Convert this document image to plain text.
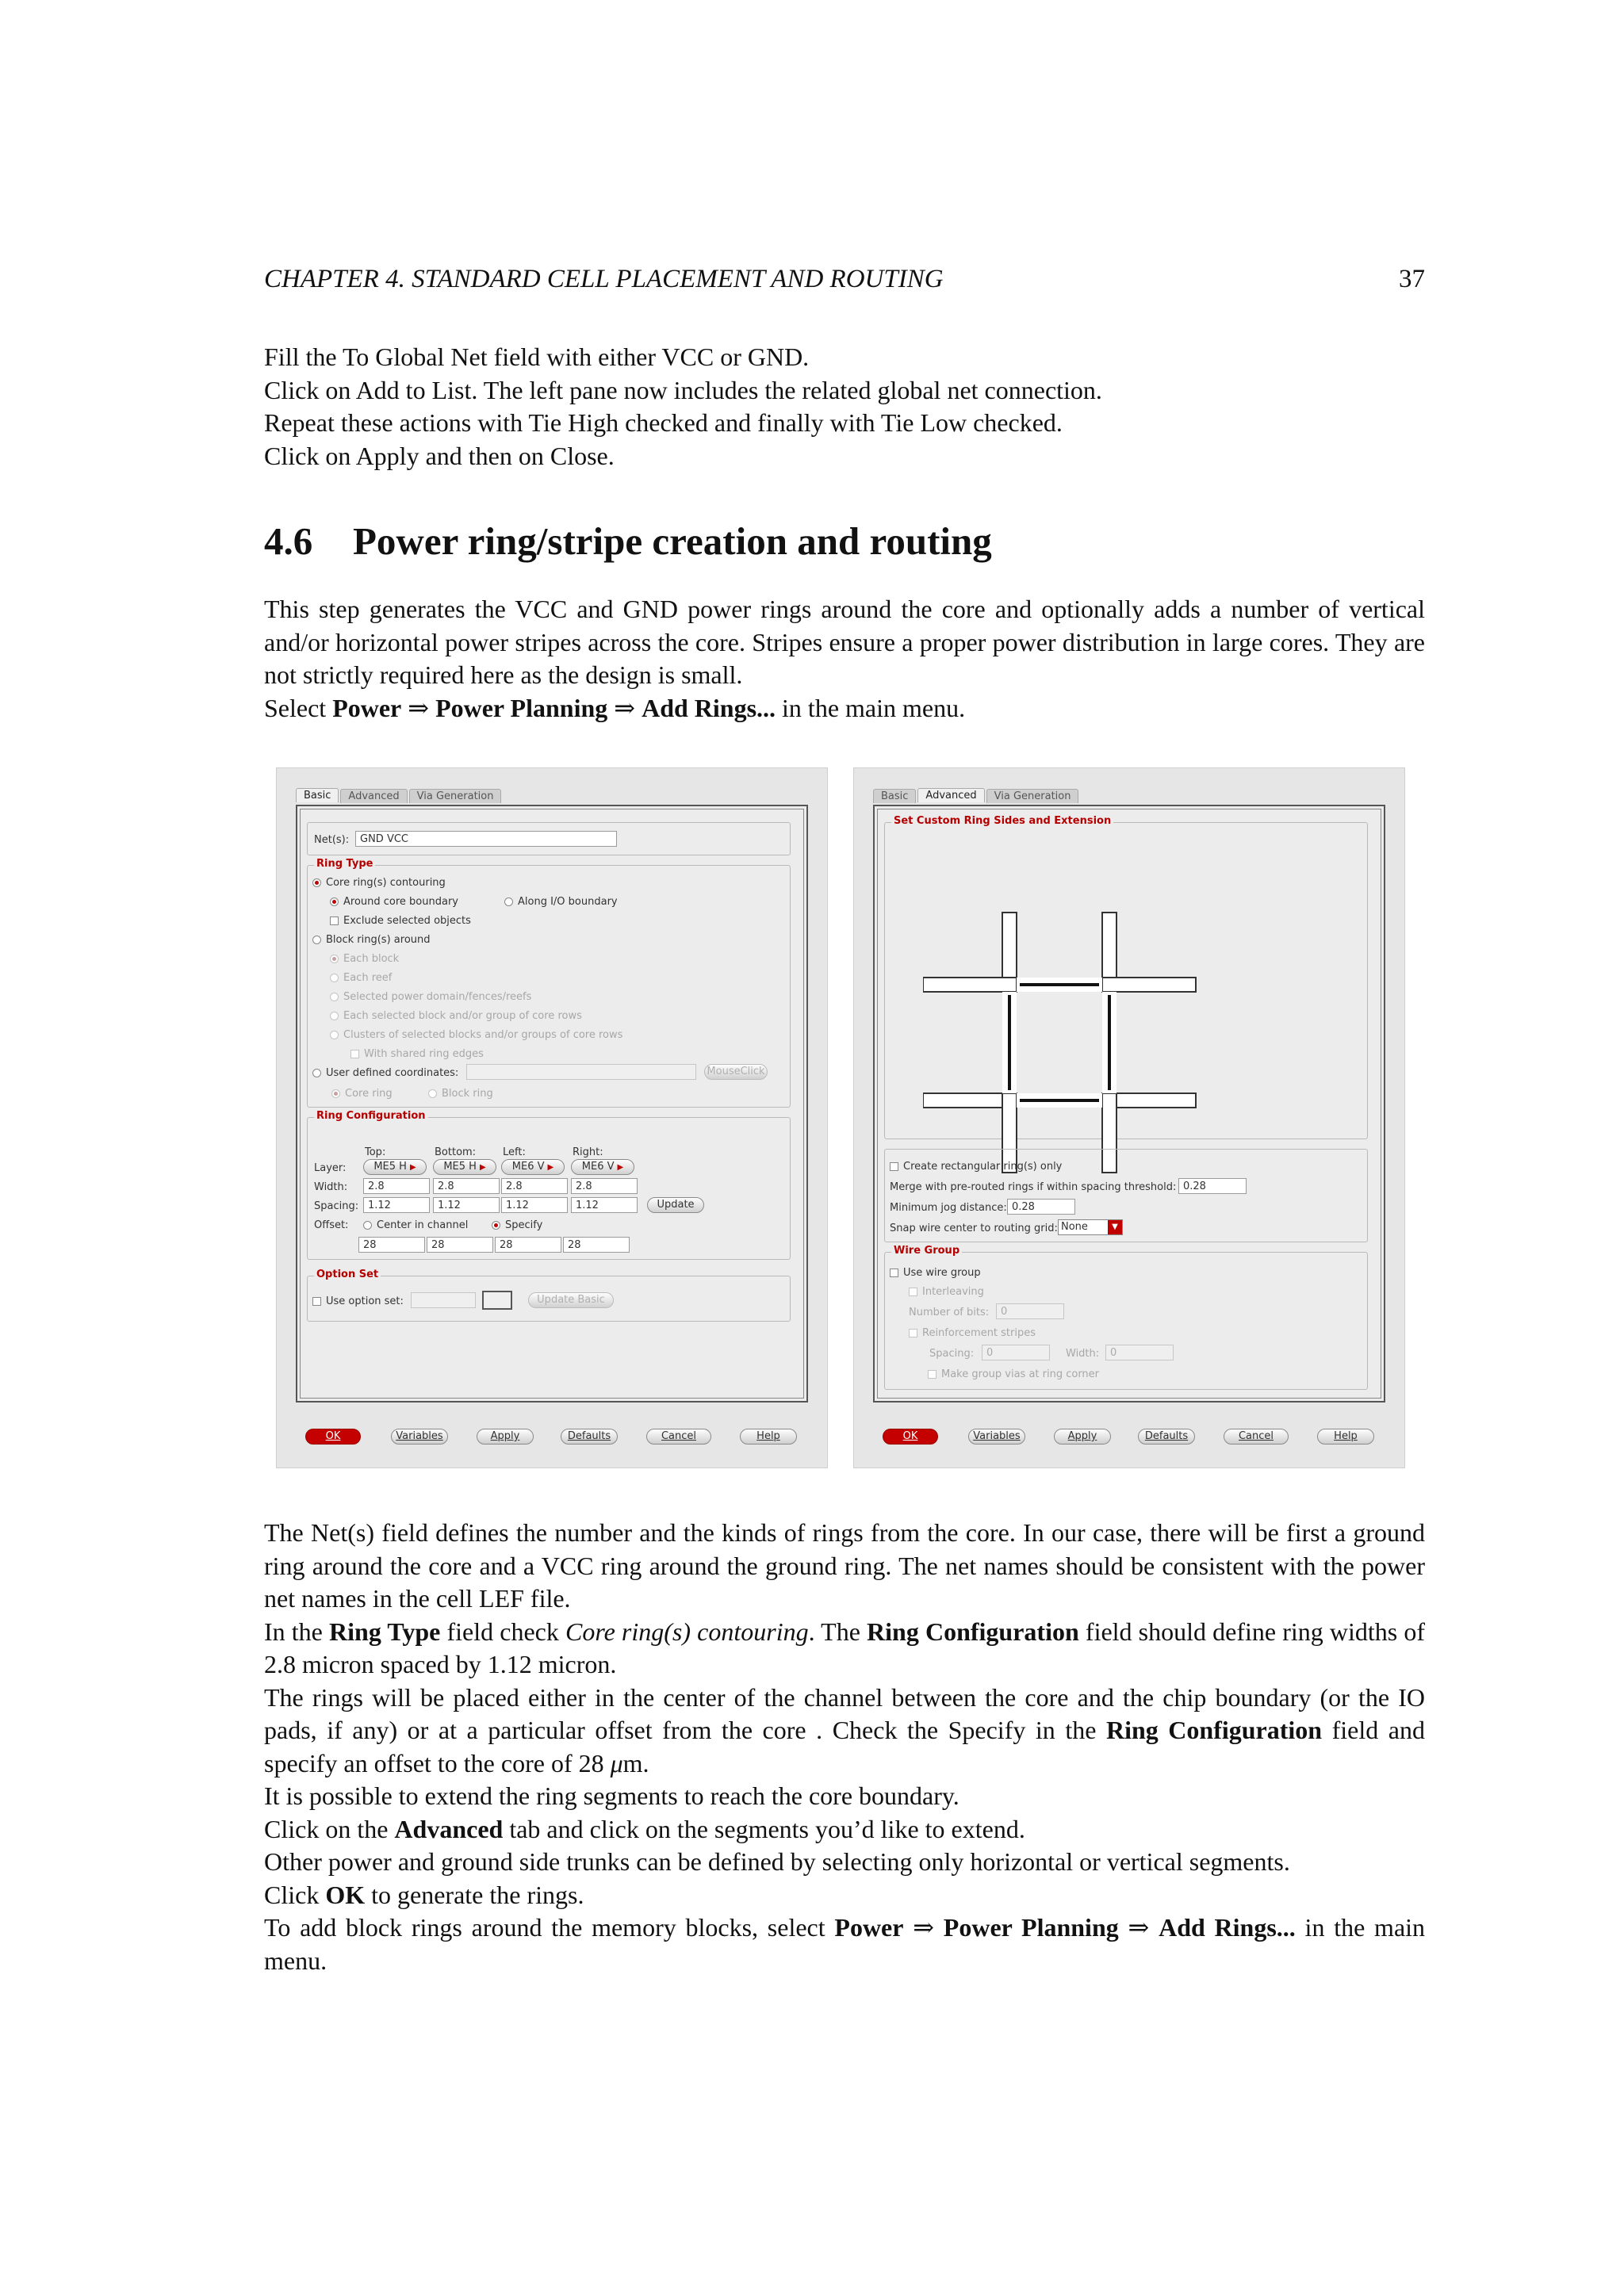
CHAPTER 4. STANDARD CELL PLACEMENT AND ROUTING	37

Fill the To Global Net field with either VCC or GND.

Click on Add to List. The left pane now includes the related global net connection.

Repeat these actions with Tie High checked and finally with Tie Low checked.

Click on Apply and then on Close.

4.6 Power ring/stripe creation and routing

This step generates the VCC and GND power rings around the core and optionally adds a number of vertical and/or horizontal power stripes across the core. Stripes ensure a proper power distribution in large cores. They are not strictly required here as the design is small.

Select Power ⇒ Power Planning ⇒ Add Rings... in the main menu.

Basic Advanced Via Generation
Net(s):	GND VCC
Ring Type
Core ring(s) contouring
Around core boundary	Along I/O boundary
Exclude selected objects
Block ring(s) around
Each block
Each reef
Selected power domain/fences/reefs
Each selected block and/or group of core rows
Clusters of selected blocks and/or groups of core rows
With shared ring edges
User defined coordinates:	MouseClick
Core ring	Block ring
Ring Configuration
Top:	Bottom:	Left:	Right:
Layer:	ME5 H ▶	ME5 H ▶	ME6 V ▶	ME6 V ▶
Width:	2.8	2.8	2.8	2.8
Spacing: 1.12	1.12	1.12	1.12	Update
Offset:	Center in channel	Specify
28	28	28	28
Option Set
Use option set:	Update Basic
OK	Variables	Apply	Defaults	Cancel	Help
Basic Advanced Via Generation
Set Custom Ring Sides and Extension
Create rectangular ring(s) only
Merge with pre-routed rings if within spacing threshold: 0.28
Minimum jog distance: 0.28
Snap wire center to routing grid: None	▼
Wire Group
Use wire group
Interleaving
Number of bits:	0
Reinforcement stripes
Spacing:	0	Width:	0
Make group vias at ring corner
OK	Variables	Apply	Defaults	Cancel	Help

The Net(s) field defines the number and the kinds of rings from the core. In our case, there will be first a ground ring around the core and a VCC ring around the ground ring. The net names should be consistent with the power net names in the cell LEF file.

In the Ring Type field check Core ring(s) contouring. The Ring Configuration field should define ring widths of 2.8 micron spaced by 1.12 micron.

The rings will be placed either in the center of the channel between the core and the chip boundary (or the IO pads, if any) or at a particular offset from the core . Check the Specify in the Ring Configuration field and specify an offset to the core of 28 μm.

It is possible to extend the ring segments to reach the core boundary.

Click on the Advanced tab and click on the segments you’d like to extend.

Other power and ground side trunks can be defined by selecting only horizontal or vertical segments.

Click OK to generate the rings.

To add block rings around the memory blocks, select Power ⇒ Power Planning ⇒ Add Rings... in the main menu.
